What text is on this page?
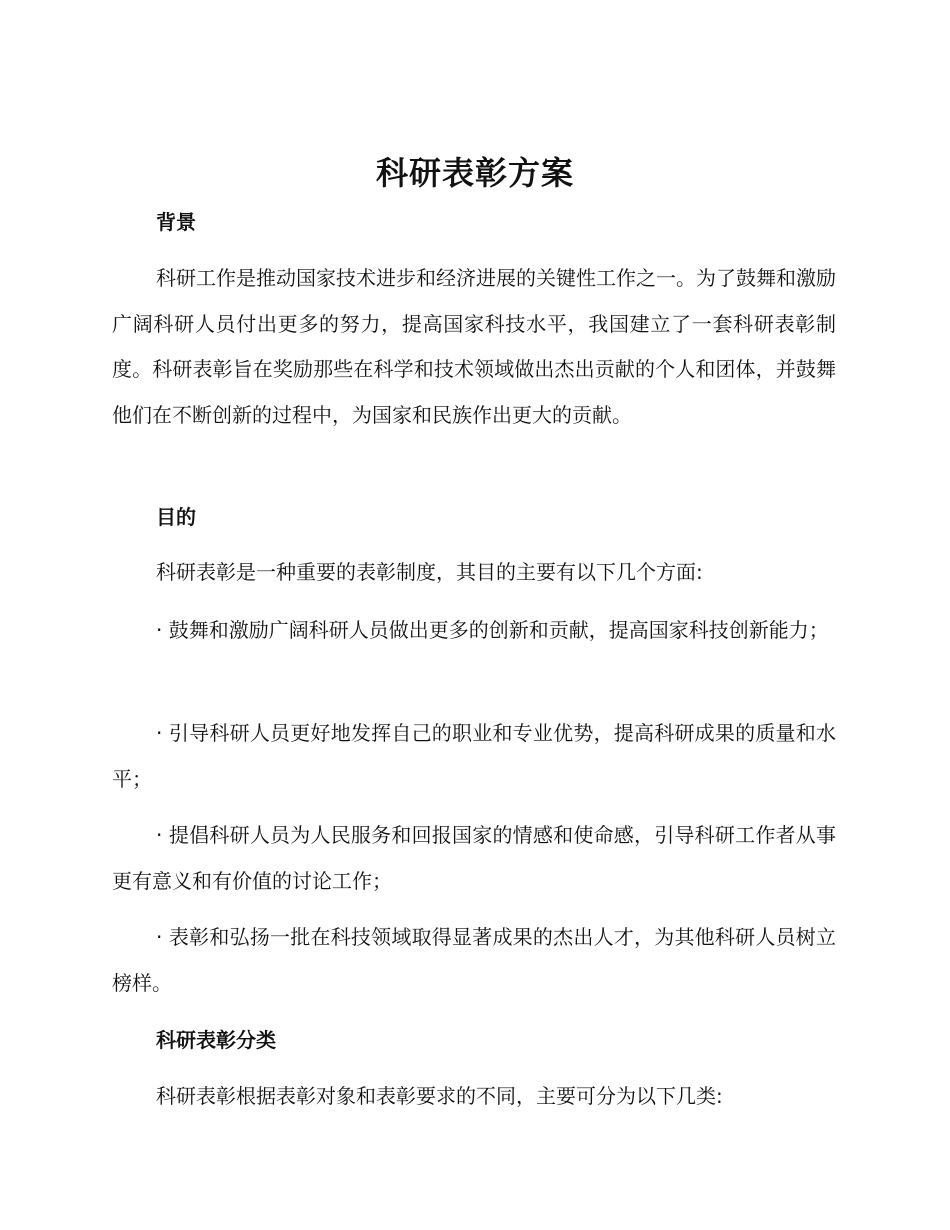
科研表彰方案
背景

科研工作是推动国家技术进步和经济进展的关键性工作之一。为了鼓舞和激励广阔科研人员付出更多的努力，提高国家科技水平，我国建立了一套科研表彰制度。科研表彰旨在奖励那些在科学和技术领域做出杰出贡献的个人和团体，并鼓舞他们在不断创新的过程中，为国家和民族作出更大的贡献。

目的

科研表彰是一种重要的表彰制度，其目的主要有以下几个方面:

· 鼓舞和激励广阔科研人员做出更多的创新和贡献，提高国家科技创新能力；

· 引导科研人员更好地发挥自己的职业和专业优势，提高科研成果的质量和水平；

· 提倡科研人员为人民服务和回报国家的情感和使命感，引导科研工作者从事更有意义和有价值的讨论工作；

· 表彰和弘扬一批在科技领域取得显著成果的杰出人才，为其他科研人员树立榜样。

科研表彰分类

科研表彰根据表彰对象和表彰要求的不同，主要可分为以下几类:
